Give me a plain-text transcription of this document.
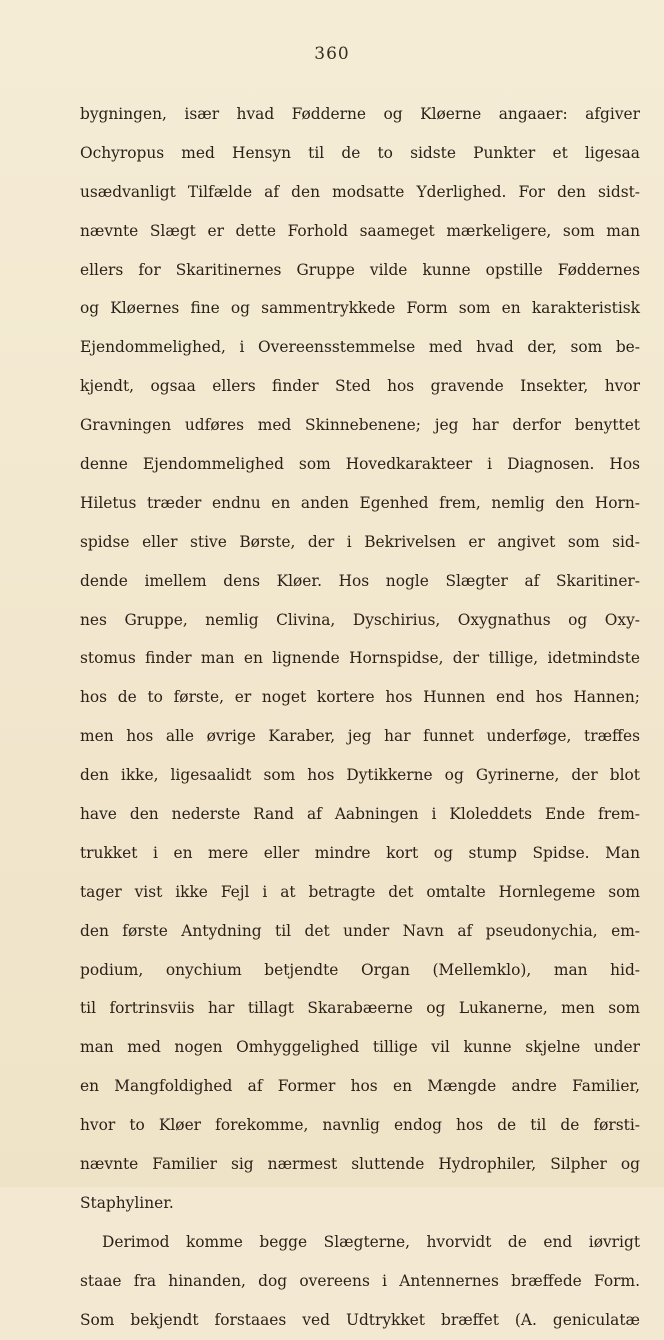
360
bygningen, især hvad Fødderne og Kløerne angaaer: afgiver
Ochyropus med Hensyn til de to sidste Punkter et ligesaa
usædvanligt Tilfælde af den modsatte Yderlighed. For den sidst-
nævnte Slægt er dette Forhold saameget mærkeligere, som man
ellers for Skaritinernes Gruppe vilde kunne opstille Føddernes
og Kløernes fine og sammentrykkede Form som en karakteristisk
Ejendommelighed, i Overeensstemmelse med hvad der, som be-
kjendt, ogsaa ellers finder Sted hos gravende Insekter, hvor
Gravningen udføres med Skinnebenene; jeg har derfor benyttet
denne Ejendommelighed som Hovedkarakteer i Diagnosen. Hos
Hiletus træder endnu en anden Egenhed frem, nemlig den Horn-
spidse eller stive Børste, der i Bekrivelsen er angivet som sid-
dende imellem dens Kløer. Hos nogle Slægter af Skaritiner-
nes Gruppe, nemlig Clivina, Dyschirius, Oxygnathus og Oxy-
stomus finder man en lignende Hornspidse, der tillige, idetmindste
hos de to første, er noget kortere hos Hunnen end hos Hannen;
men hos alle øvrige Karaber, jeg har funnet underføge, træffes
den ikke, ligesaalidt som hos Dytikkerne og Gyrinerne, der blot
have den nederste Rand af Aabningen i Kloleddets Ende frem-
trukket i en mere eller mindre kort og stump Spidse. Man
tager vist ikke Fejl i at betragte det omtalte Hornlegeme som
den første Antydning til det under Navn af pseudonychia, em-
podium, onychium betjendte Organ (Mellemklo), man hid-
til fortrinsviis har tillagt Skarabæerne og Lukanerne, men som
man med nogen Omhyggelighed tillige vil kunne skjelne under
en Mangfoldighed af Former hos en Mængde andre Familier,
hvor to Kløer forekomme, navnlig endog hos de til de førsti-
nævnte Familier sig nærmest sluttende Hydrophiler, Silpher og
Staphyliner.
Derimod komme begge Slægterne, hvorvidt de end iøvrigt
staae fra hinanden, dog overeens i Antennernes bræffede Form.
Som bekjendt forstaaes ved Udtrykket bræffet (A. geniculatæ
